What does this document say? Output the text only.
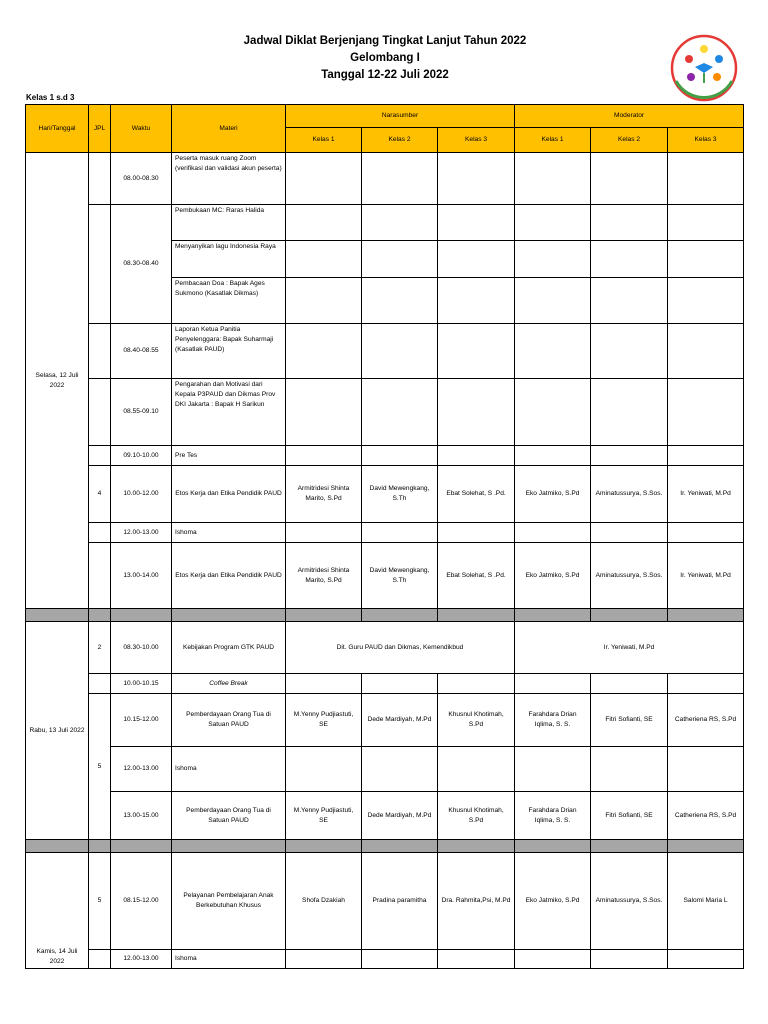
Jadwal Diklat Berjenjang Tingkat Lanjut Tahun 2022
Gelombang I
Tanggal 12-22 Juli 2022
Kelas 1 s.d 3
Hari/Tanggal	JPL	Waktu	Materi	Narasumber			Moderator		
				Kelas 1	Kelas 2	Kelas 3	Kelas 1	Kelas 2	Kelas 3
Selasa, 12 Juli 2022		08.00-08.30	Peserta masuk ruang Zoom (verifikasi dan validasi akun peserta)						
		08.30-08.40	Pembukaan MC: Raras Halida						
			Menyanyikan lagu Indonesia Raya						
			Pembacaan Doa : Bapak Ages Sukmono (Kasatlak Dikmas)						
		08.40-08.55	Laporan Ketua Panitia Penyelenggara: Bapak Suharmaji (Kasatlak PAUD)						
		08.55-09.10	Pengarahan dan Motivasi dari Kepala P3PAUD dan Dikmas Prov DKI Jakarta : Bapak H Sarikun						
		09.10-10.00	Pre Tes						
	4	10.00-12.00	Etos Kerja dan Etika Pendidik PAUD	Armitridesi Shinta Marito, S.Pd	David Mewengkang, S.Th	Ebat Solehat, S .Pd.	Eko Jatmiko, S.Pd	Aminatussurya, S.Sos.	Ir. Yeniwati, M.Pd
		12.00-13.00	Ishoma						
		13.00-14.00	Etos Kerja dan Etika Pendidik PAUD	Armitridesi Shinta Marito, S.Pd	David Mewengkang, S.Th	Ebat Solehat, S .Pd.	Eko Jatmiko, S.Pd	Aminatussurya, S.Sos.	Ir. Yeniwati, M.Pd

Rabu, 13 Juli 2022	2	08.30-10.00	Kebijakan Program GTK PAUD	Dit. Guru PAUD dan Dikmas, Kemendikbud			Ir. Yeniwati, M.Pd		
		10.00-10.15	Coffee Break						
	5	10.15-12.00	Pemberdayaan Orang Tua di Satuan PAUD	M.Yenny Pudjiastuti, SE	Dede Mardiyah, M.Pd	Khusnul Khotimah, S.Pd	Farahdara Drian Iqlima, S. S.	Fitri Sofianti, SE	Catheriena RS, S.Pd
		12.00-13.00	Ishoma						
		13.00-15.00	Pemberdayaan Orang Tua di Satuan PAUD	M.Yenny Pudjiastuti, SE	Dede Mardiyah, M.Pd	Khusnul Khotimah, S.Pd	Farahdara Drian Iqlima, S. S.	Fitri Sofianti, SE	Catheriena RS, S.Pd

Kamis, 14 Juli 2022	5	08.15-12.00	Pelayanan Pembelajaran Anak Berkebutuhan Khusus	Shofa Dzakiah	Pradina paramitha	Dra. Rahmita,Psi, M.Pd	Eko Jatmiko, S.Pd	Aminatussurya, S.Sos.	Salomi Maria L
		12.00-13.00	Ishoma						
